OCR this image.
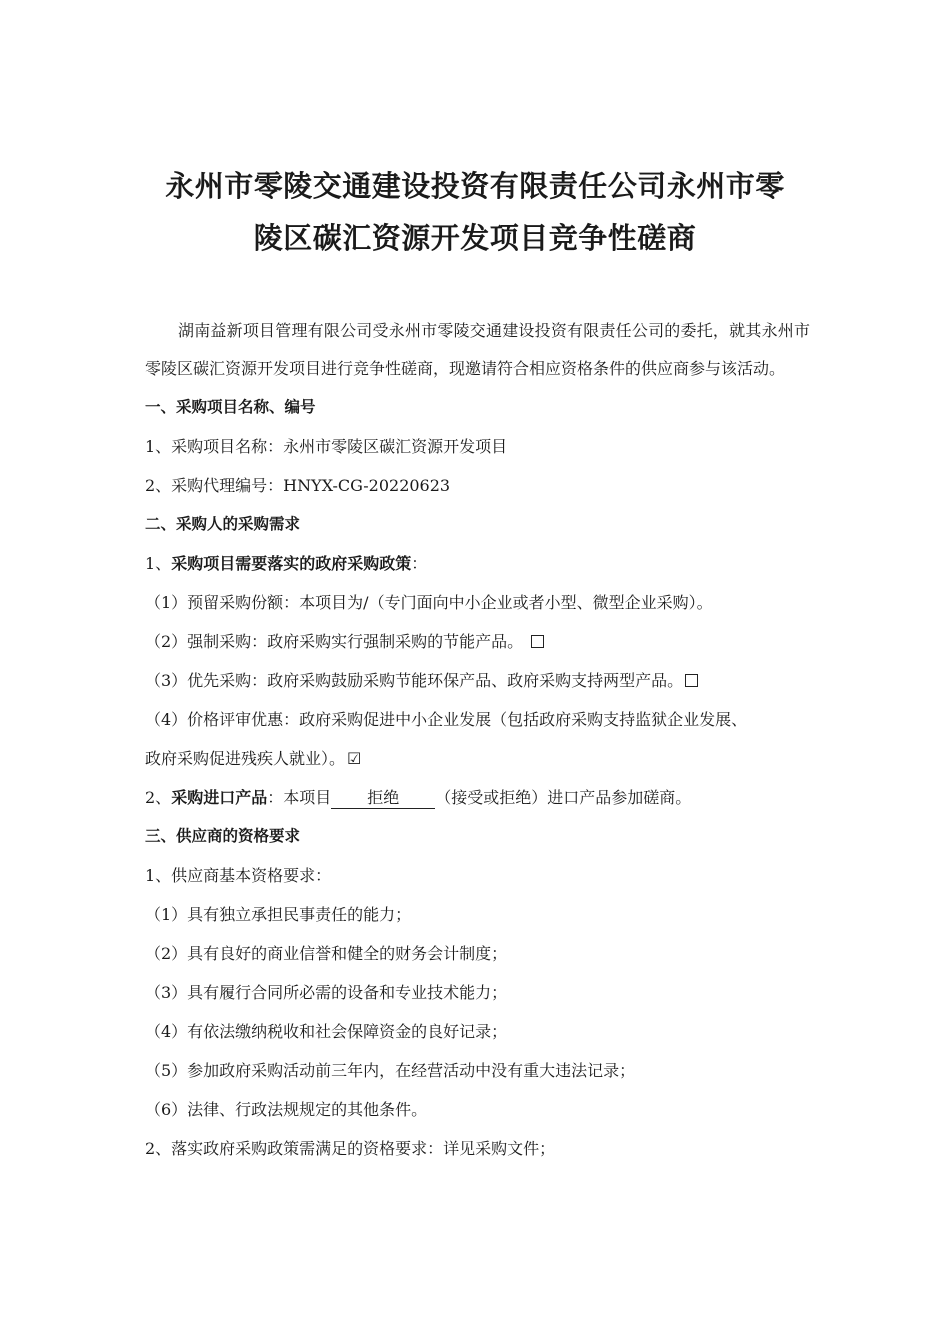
永州市零陵交通建设投资有限责任公司永州市零
陵区碳汇资源开发项目竞争性磋商

湖南益新项目管理有限公司受永州市零陵交通建设投资有限责任公司的委托，就其永州市零陵区碳汇资源开发项目进行竞争性磋商，现邀请符合相应资格条件的供应商参与该活动。

一、采购项目名称、编号
1、采购项目名称：永州市零陵区碳汇资源开发项目
2、采购代理编号：HNYX-CG-20220623
二、采购人的采购需求
1、采购项目需要落实的政府采购政策：
（1）预留采购份额：本项目为/（专门面向中小企业或者小型、微型企业采购）。
（2）强制采购：政府采购实行强制采购的节能产品。
（3）优先采购：政府采购鼓励采购节能环保产品、政府采购支持两型产品。
（4）价格评审优惠：政府采购促进中小企业发展（包括政府采购支持监狱企业发展、
政府采购促进残疾人就业）。 ☑
2、采购进口产品：本项目 拒绝 （接受或拒绝）进口产品参加磋商。
三、供应商的资格要求
1、供应商基本资格要求：
（1）具有独立承担民事责任的能力；
（2）具有良好的商业信誉和健全的财务会计制度；
（3）具有履行合同所必需的设备和专业技术能力；
（4）有依法缴纳税收和社会保障资金的良好记录；
（5）参加政府采购活动前三年内，在经营活动中没有重大违法记录；
（6）法律、行政法规规定的其他条件。
2、落实政府采购政策需满足的资格要求：详见采购文件；
